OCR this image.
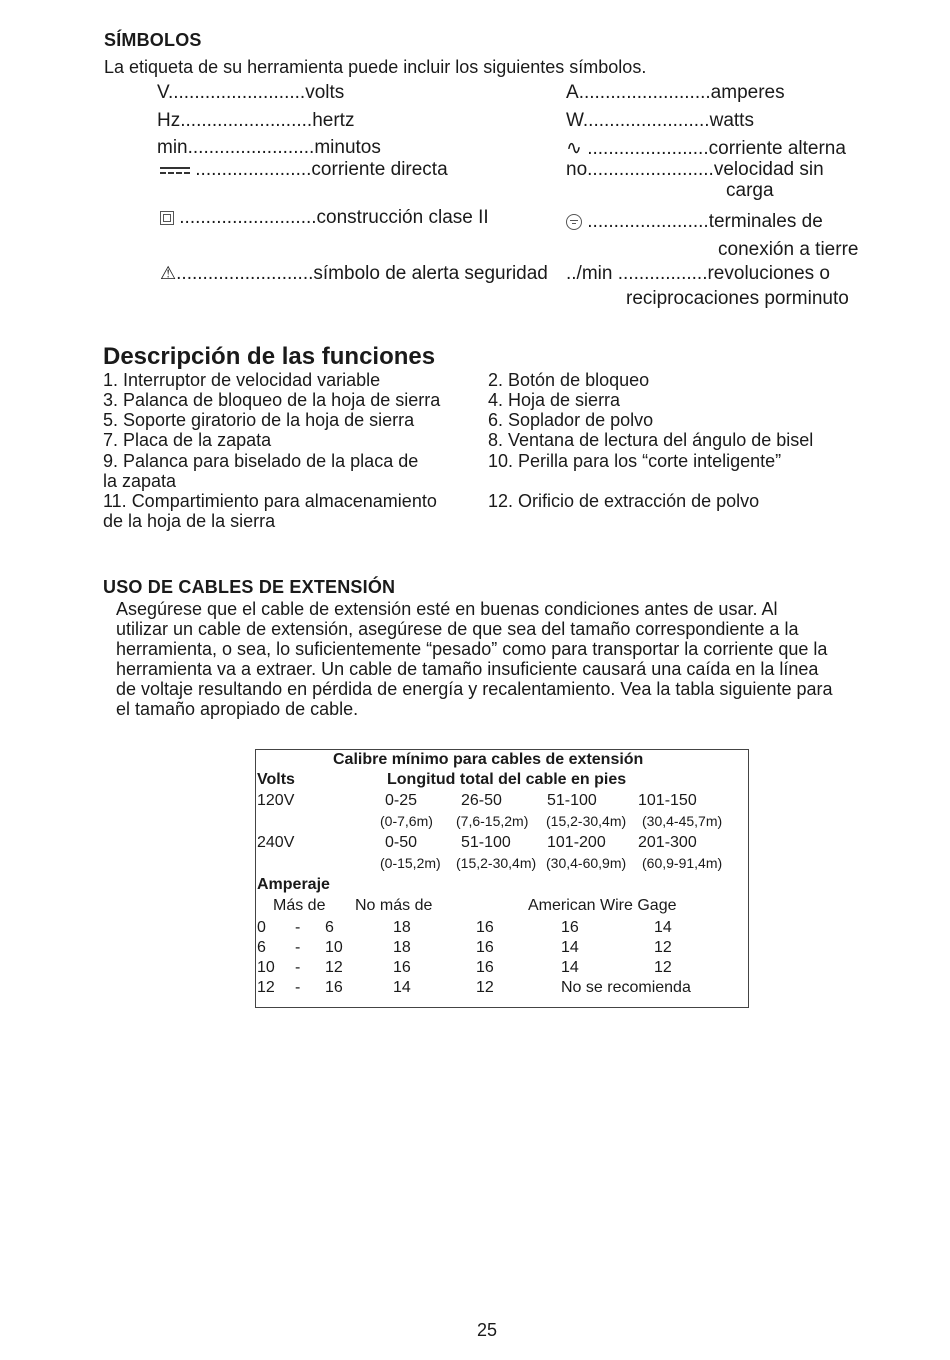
SÍMBOLOS
La etiqueta de su herramienta puede incluir los siguientes símbolos.
V..........................volts
Hz.........................hertz
min........................minutos
......................corriente directa
..........................construcción clase II
⚠..........................símbolo de alerta seguridad
A.........................amperes
W........................watts
∿ .......................corriente alterna
no........................velocidad sin
carga
.......................terminales de
conexión a tierre
../min .................revoluciones o
reciprocaciones porminuto
Descripción de las funciones
1. Interruptor de velocidad variable	2. Botón de bloqueo
3. Palanca de bloqueo de la hoja de sierra	4. Hoja de sierra
5. Soporte giratorio de la hoja de sierra	6. Soplador de polvo
7. Placa de la zapata	8. Ventana de lectura del ángulo de bisel
9. Palanca para biselado de la placa de
la zapata
10. Perilla para los “corte inteligente”
11. Compartimiento para almacenamiento
de la hoja de la sierra
12. Orificio de extracción de polvo
USO DE CABLES DE EXTENSIÓN
Asegúrese que el cable de extensión esté en buenas condiciones antes de usar. Al
utilizar un cable de extensión, asegúrese de que sea del tamaño correspondiente a la
herramienta, o sea, lo suficientemente “pesado” como para transportar la corriente que la
herramienta va a extraer. Un cable de tamaño insuficiente causará una caída en la línea
de voltaje resultando en pérdida de energía y recalentamiento. Vea la tabla siguiente para
el tamaño apropiado de cable.
Calibre mínimo para cables de extensión
Volts	Longitud total del cable en pies
120V	0-25	26-50	51-100	101-150
(0-7,6m) (7,6-15,2m) (15,2-30,4m) (30,4-45,7m)
240V	0-50	51-100 101-200 201-300
(0-15,2m) (15,2-30,4m) (30,4-60,9m) (60,9-91,4m)
Amperaje
Más de No más de	American Wire Gage
0 - 6	18	16	16	14
6 - 10	18	16	14	12
10 - 12	16	16	14	12
12 - 16	14	12	No se recomienda
25
